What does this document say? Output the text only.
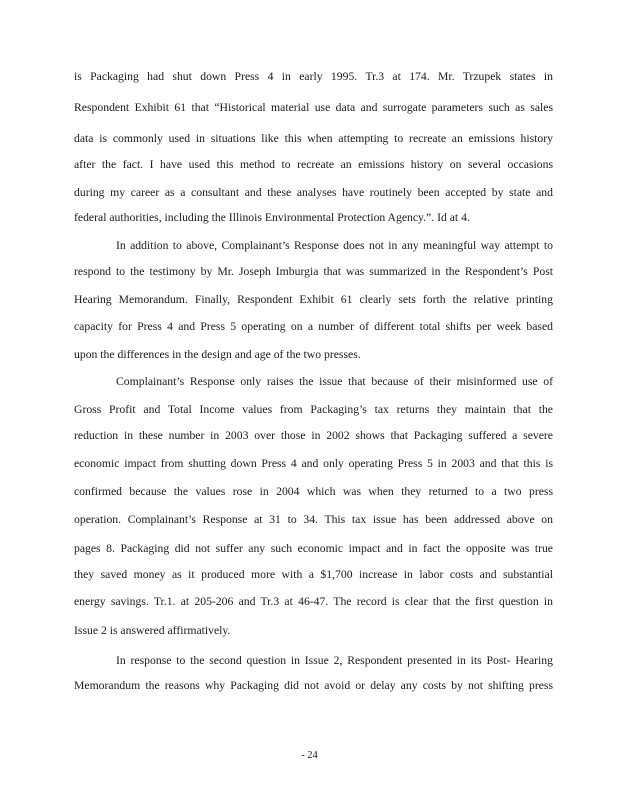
is Packaging had shut down Press 4 in early 1995. Tr.3 at 174. Mr. Trzupek states in
Respondent Exhibit 61 that “Historical material use data and surrogate parameters such as sales
data is commonly used in situations like this when attempting to recreate an emissions history
after the fact. I have used this method to recreate an emissions history on several occasions
during my career as a consultant and these analyses have routinely been accepted by state and
federal authorities, including the Illinois Environmental Protection Agency.”. Id at 4.
In addition to above, Complainant’s Response does not in any meaningful way attempt to
respond to the testimony by Mr. Joseph Imburgia that was summarized in the Respondent’s Post
Hearing Memorandum. Finally, Respondent Exhibit 61 clearly sets forth the relative printing
capacity for Press 4 and Press 5 operating on a number of different total shifts per week based
upon the differences in the design and age of the two presses.
Complainant’s Response only raises the issue that because of their misinformed use of
Gross Profit and Total Income values from Packaging’s tax returns they maintain that the
reduction in these number in 2003 over those in 2002 shows that Packaging suffered a severe
economic impact from shutting down Press 4 and only operating Press 5 in 2003 and that this is
confirmed because the values rose in 2004 which was when they returned to a two press
operation. Complainant’s Response at 31 to 34. This tax issue has been addressed above on
pages 8. Packaging did not suffer any such economic impact and in fact the opposite was true
they saved money as it produced more with a $1,700 increase in labor costs and substantial
energy savings. Tr.1. at 205-206 and Tr.3 at 46-47. The record is clear that the first question in
Issue 2 is answered affirmatively.
In response to the second question in Issue 2, Respondent presented in its Post- Hearing
Memorandum the reasons why Packaging did not avoid or delay any costs by not shifting press
- 24
